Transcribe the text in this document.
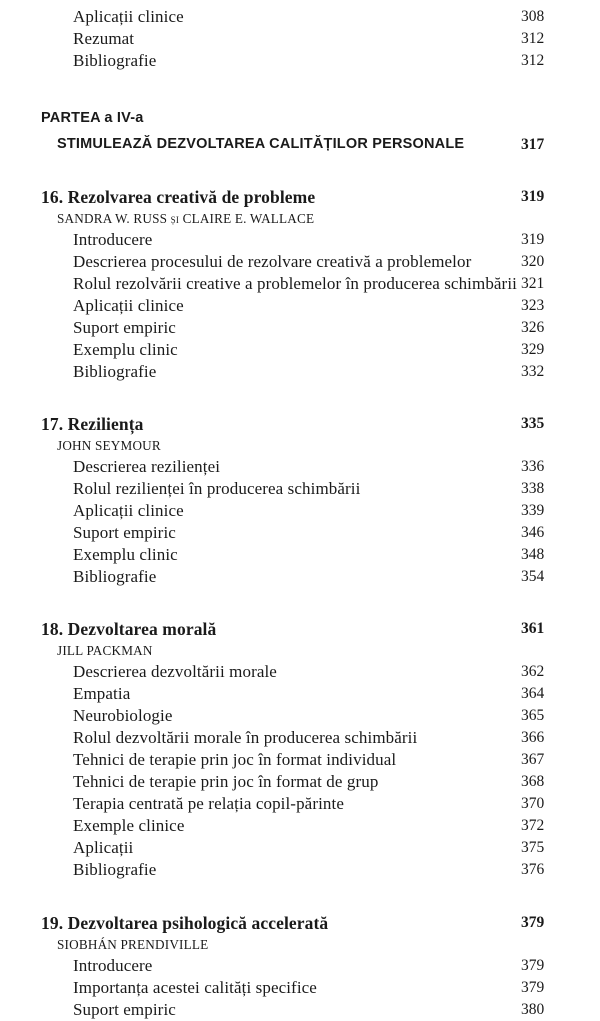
Aplicații clinice	308
Rezumat	312
Bibliografie	312
PARTEA a IV-a
STIMULEAZĂ DEZVOLTAREA CALITĂȚILOR PERSONALE	317
16. Rezolvarea creativă de probleme	319
SANDRA W. RUSS și CLAIRE E. WALLACE
Introducere	319
Descrierea procesului de rezolvare creativă a problemelor	320
Rolul rezolvării creative a problemelor în producerea schimbării 321
Aplicații clinice	323
Suport empiric	326
Exemplu clinic	329
Bibliografie	332
17. Reziliența	335
JOHN SEYMOUR
Descrierea rezilienței	336
Rolul rezilienței în producerea schimbării	338
Aplicații clinice	339
Suport empiric	346
Exemplu clinic	348
Bibliografie	354
18. Dezvoltarea morală	361
JILL PACKMAN
Descrierea dezvoltării morale	362
Empatia	364
Neurobiologie	365
Rolul dezvoltării morale în producerea schimbării	366
Tehnici de terapie prin joc în format individual	367
Tehnici de terapie prin joc în format de grup	368
Terapia centrată pe relația copil-părinte	370
Exemple clinice	372
Aplicații	375
Bibliografie	376
19. Dezvoltarea psihologică accelerată	379
SIOBHÁN PRENDIVILLE
Introducere	379
Importanța acestei calități specifice	379
Suport empiric	380
